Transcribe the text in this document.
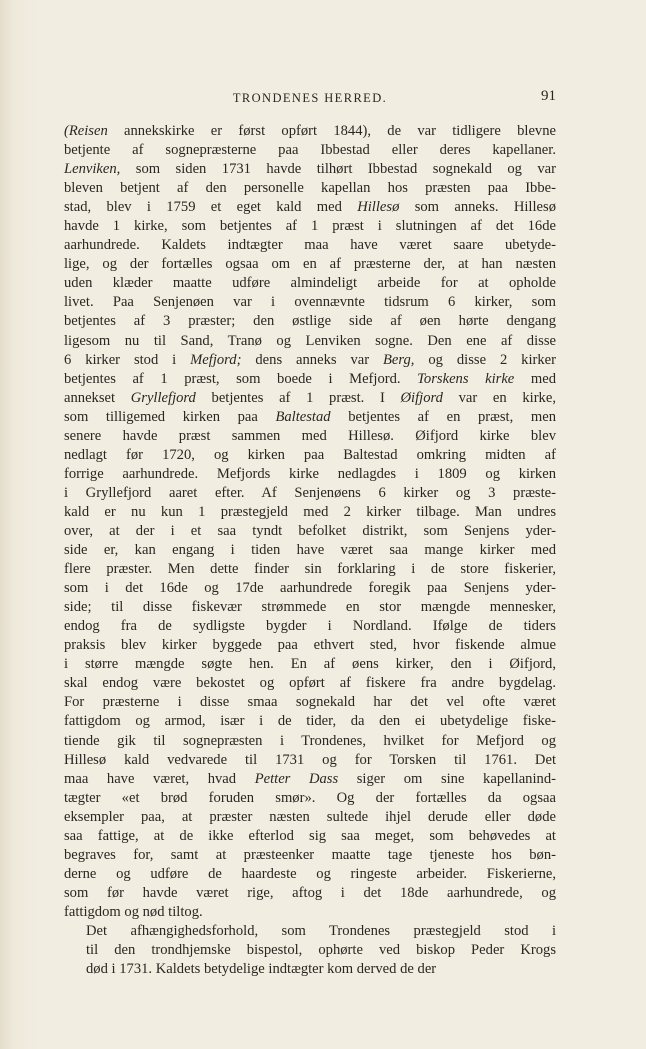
TRONDENES HERRED.	91

(Reisen annekskirke er først opført 1844), de var tidligere blevne
betjente af sognepræsterne paa Ibbestad eller deres kapellaner.
Lenviken, som siden 1731 havde tilhørt Ibbestad sognekald og var
bleven betjent af den personelle kapellan hos præsten paa Ibbe-
stad, blev i 1759 et eget kald med Hillesø som anneks. Hillesø
havde 1 kirke, som betjentes af 1 præst i slutningen af det 16de
aarhundrede. Kaldets indtægter maa have været saare ubetyde-
lige, og der fortælles ogsaa om en af præsterne der, at han næsten
uden klæder maatte udføre almindeligt arbeide for at opholde
livet. Paa Senjenøen var i ovennævnte tidsrum 6 kirker, som
betjentes af 3 præster; den østlige side af øen hørte dengang
ligesom nu til Sand, Tranø og Lenviken sogne. Den ene af disse
6 kirker stod i Mefjord; dens anneks var Berg, og disse 2 kirker
betjentes af 1 præst, som boede i Mefjord. Torskens kirke med
annekset Gryllefjord betjentes af 1 præst. I Øifjord var en kirke,
som tilligemed kirken paa Baltestad betjentes af en præst, men
senere havde præst sammen med Hillesø. Øifjord kirke blev
nedlagt før 1720, og kirken paa Baltestad omkring midten af
forrige aarhundrede. Mefjords kirke nedlagdes i 1809 og kirken
i Gryllefjord aaret efter. Af Senjenøens 6 kirker og 3 præste-
kald er nu kun 1 præstegjeld med 2 kirker tilbage. Man undres
over, at der i et saa tyndt befolket distrikt, som Senjens yder-
side er, kan engang i tiden have været saa mange kirker med
flere præster. Men dette finder sin forklaring i de store fiskerier,
som i det 16de og 17de aarhundrede foregik paa Senjens yder-
side; til disse fiskevær strømmede en stor mængde mennesker,
endog fra de sydligste bygder i Nordland. Ifølge de tiders
praksis blev kirker byggede paa ethvert sted, hvor fiskende almue
i større mængde søgte hen. En af øens kirker, den i Øifjord,
skal endog være bekostet og opført af fiskere fra andre bygdelag.
For præsterne i disse smaa sognekald har det vel ofte været
fattigdom og armod, især i de tider, da den ei ubetydelige fiske-
tiende gik til sognepræsten i Trondenes, hvilket for Mefjord og
Hillesø kald vedvarede til 1731 og for Torsken til 1761. Det
maa have været, hvad Petter Dass siger om sine kapellanind-
tægter «et brød foruden smør». Og der fortælles da ogsaa
eksempler paa, at præster næsten sultede ihjel derude eller døde
saa fattige, at de ikke efterlod sig saa meget, som behøvedes at
begraves for, samt at præsteenker maatte tage tjeneste hos bøn-
derne og udføre de haardeste og ringeste arbeider. Fiskerierne,
som før havde været rige, aftog i det 18de aarhundrede, og
fattigdom og nød tiltog.

Det afhængighedsforhold, som Trondenes præstegjeld stod i
til den trondhjemske bispestol, ophørte ved biskop Peder Krogs
død i 1731. Kaldets betydelige indtægter kom derved de der
